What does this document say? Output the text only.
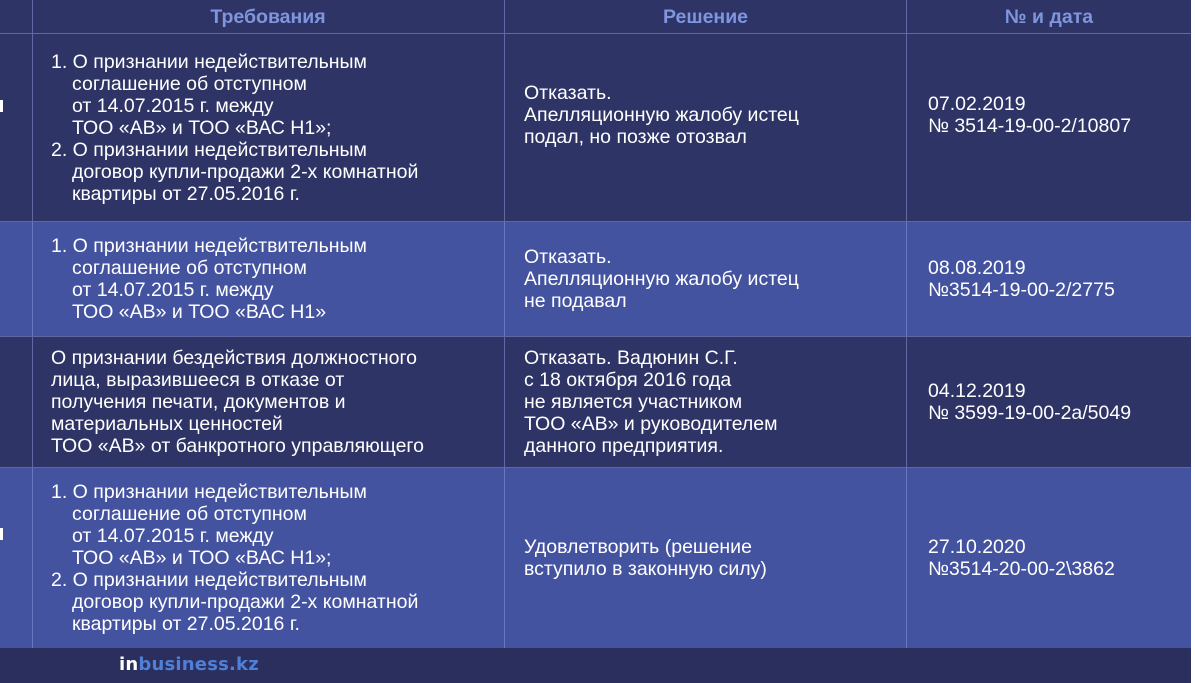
Требования	Решение	№ и дата
1. О признании недействительным
соглашение об отступном
от 14.07.2015 г. между
ТОО «АВ» и ТОО «ВАС Н1»;
2. О признании недействительным
договор купли-продажи 2-х комнатной
квартиры от 27.05.2016 г.
Отказать.
Апелляционную жалобу истец
подал, но позже отозвал
07.02.2019
№ 3514-19-00-2/10807
1. О признании недействительным
соглашение об отступном
от 14.07.2015 г. между
ТОО «АВ» и ТОО «ВАС Н1»
Отказать.
Апелляционную жалобу истец
не подавал
08.08.2019
№3514-19-00-2/2775
О признании бездействия должностного
лица, выразившееся в отказе от
получения печати, документов и
материальных ценностей
ТОО «АВ» от банкротного управляющего
Отказать. Вадюнин С.Г.
с 18 октября 2016 года
не является участником
ТОО «АВ» и руководителем
данного предприятия.
04.12.2019
№ 3599-19-00-2а/5049
1. О признании недействительным
соглашение об отступном
от 14.07.2015 г. между
ТОО «АВ» и ТОО «ВАС Н1»;
2. О признании недействительным
договор купли-продажи 2-х комнатной
квартиры от 27.05.2016 г.
Удовлетворить (решение
вступило в законную силу)
27.10.2020
№3514-20-00-2\3862
inbusiness.kz
